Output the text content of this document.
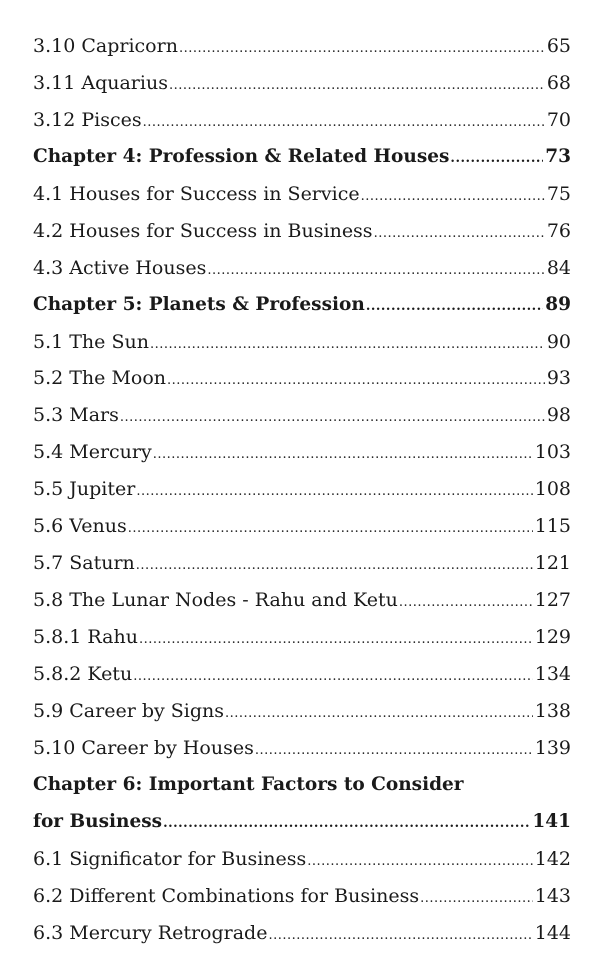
3.10 Capricorn .....	65
3.11 Aquarius .....	68
3.12 Pisces .....	70
Chapter 4: Profession & Related Houses .....	73
4.1 Houses for Success in Service .....	75
4.2 Houses for Success in Business .....	76
4.3 Active Houses .....	84
Chapter 5: Planets & Profession .....	89
5.1 The Sun .....	90
5.2 The Moon .....	93
5.3 Mars .....	98
5.4 Mercury .....	103
5.5 Jupiter .....	108
5.6 Venus .....	115
5.7 Saturn .....	121
5.8 The Lunar Nodes - Rahu and Ketu .....	127
5.8.1 Rahu .....	129
5.8.2 Ketu .....	134
5.9 Career by Signs .....	138
5.10 Career by Houses .....	139
Chapter 6: Important Factors to Consider
for Business .....	141
6.1 Significator for Business .....	142
6.2 Different Combinations for Business .....	143
6.3 Mercury Retrograde .....	144
